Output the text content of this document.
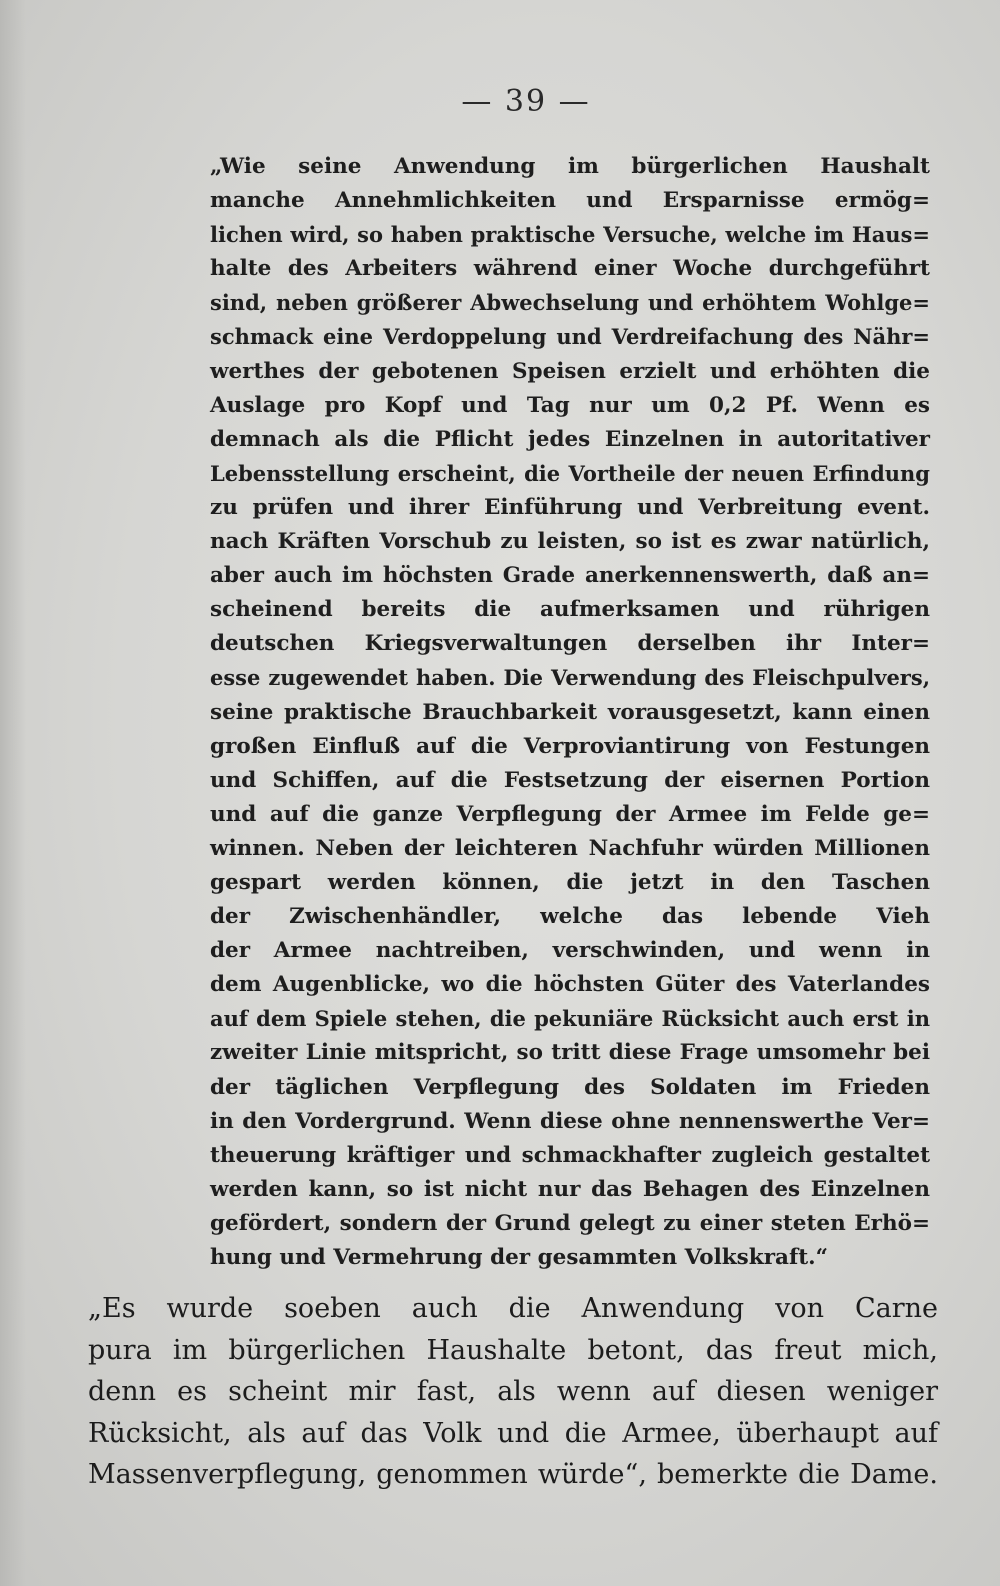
— 39 —
„Wie seine Anwendung im bürgerlichen Haushalt
manche Annehmlichkeiten und Ersparnisse ermög=
lichen wird, so haben praktische Versuche, welche im Haus=
halte des Arbeiters während einer Woche durchgeführt
sind, neben größerer Abwechselung und erhöhtem Wohlge=
schmack eine Verdoppelung und Verdreifachung des Nähr=
werthes der gebotenen Speisen erzielt und erhöhten die
Auslage pro Kopf und Tag nur um 0,2 Pf. Wenn es
demnach als die Pflicht jedes Einzelnen in autoritativer
Lebensstellung erscheint, die Vortheile der neuen Erfindung
zu prüfen und ihrer Einführung und Verbreitung event.
nach Kräften Vorschub zu leisten, so ist es zwar natürlich,
aber auch im höchsten Grade anerkennenswerth, daß an=
scheinend bereits die aufmerksamen und rührigen
deutschen Kriegsverwaltungen derselben ihr Inter=
esse zugewendet haben. Die Verwendung des Fleischpulvers,
seine praktische Brauchbarkeit vorausgesetzt, kann einen
großen Einfluß auf die Verproviantirung von Festungen
und Schiffen, auf die Festsetzung der eisernen Portion
und auf die ganze Verpflegung der Armee im Felde ge=
winnen. Neben der leichteren Nachfuhr würden Millionen
gespart werden können, die jetzt in den Taschen
der Zwischenhändler, welche das lebende Vieh
der Armee nachtreiben, verschwinden, und wenn in
dem Augenblicke, wo die höchsten Güter des Vaterlandes
auf dem Spiele stehen, die pekuniäre Rücksicht auch erst in
zweiter Linie mitspricht, so tritt diese Frage umsomehr bei
der täglichen Verpflegung des Soldaten im Frieden
in den Vordergrund. Wenn diese ohne nennenswerthe Ver=
theuerung kräftiger und schmackhafter zugleich gestaltet
werden kann, so ist nicht nur das Behagen des Einzelnen
gefördert, sondern der Grund gelegt zu einer steten Erhö=
hung und Vermehrung der gesammten Volkskraft.“
„Es wurde soeben auch die Anwendung von Carne
pura im bürgerlichen Haushalte betont, das freut mich,
denn es scheint mir fast, als wenn auf diesen weniger
Rücksicht, als auf das Volk und die Armee, überhaupt auf
Massenverpflegung, genommen würde“, bemerkte die Dame.
